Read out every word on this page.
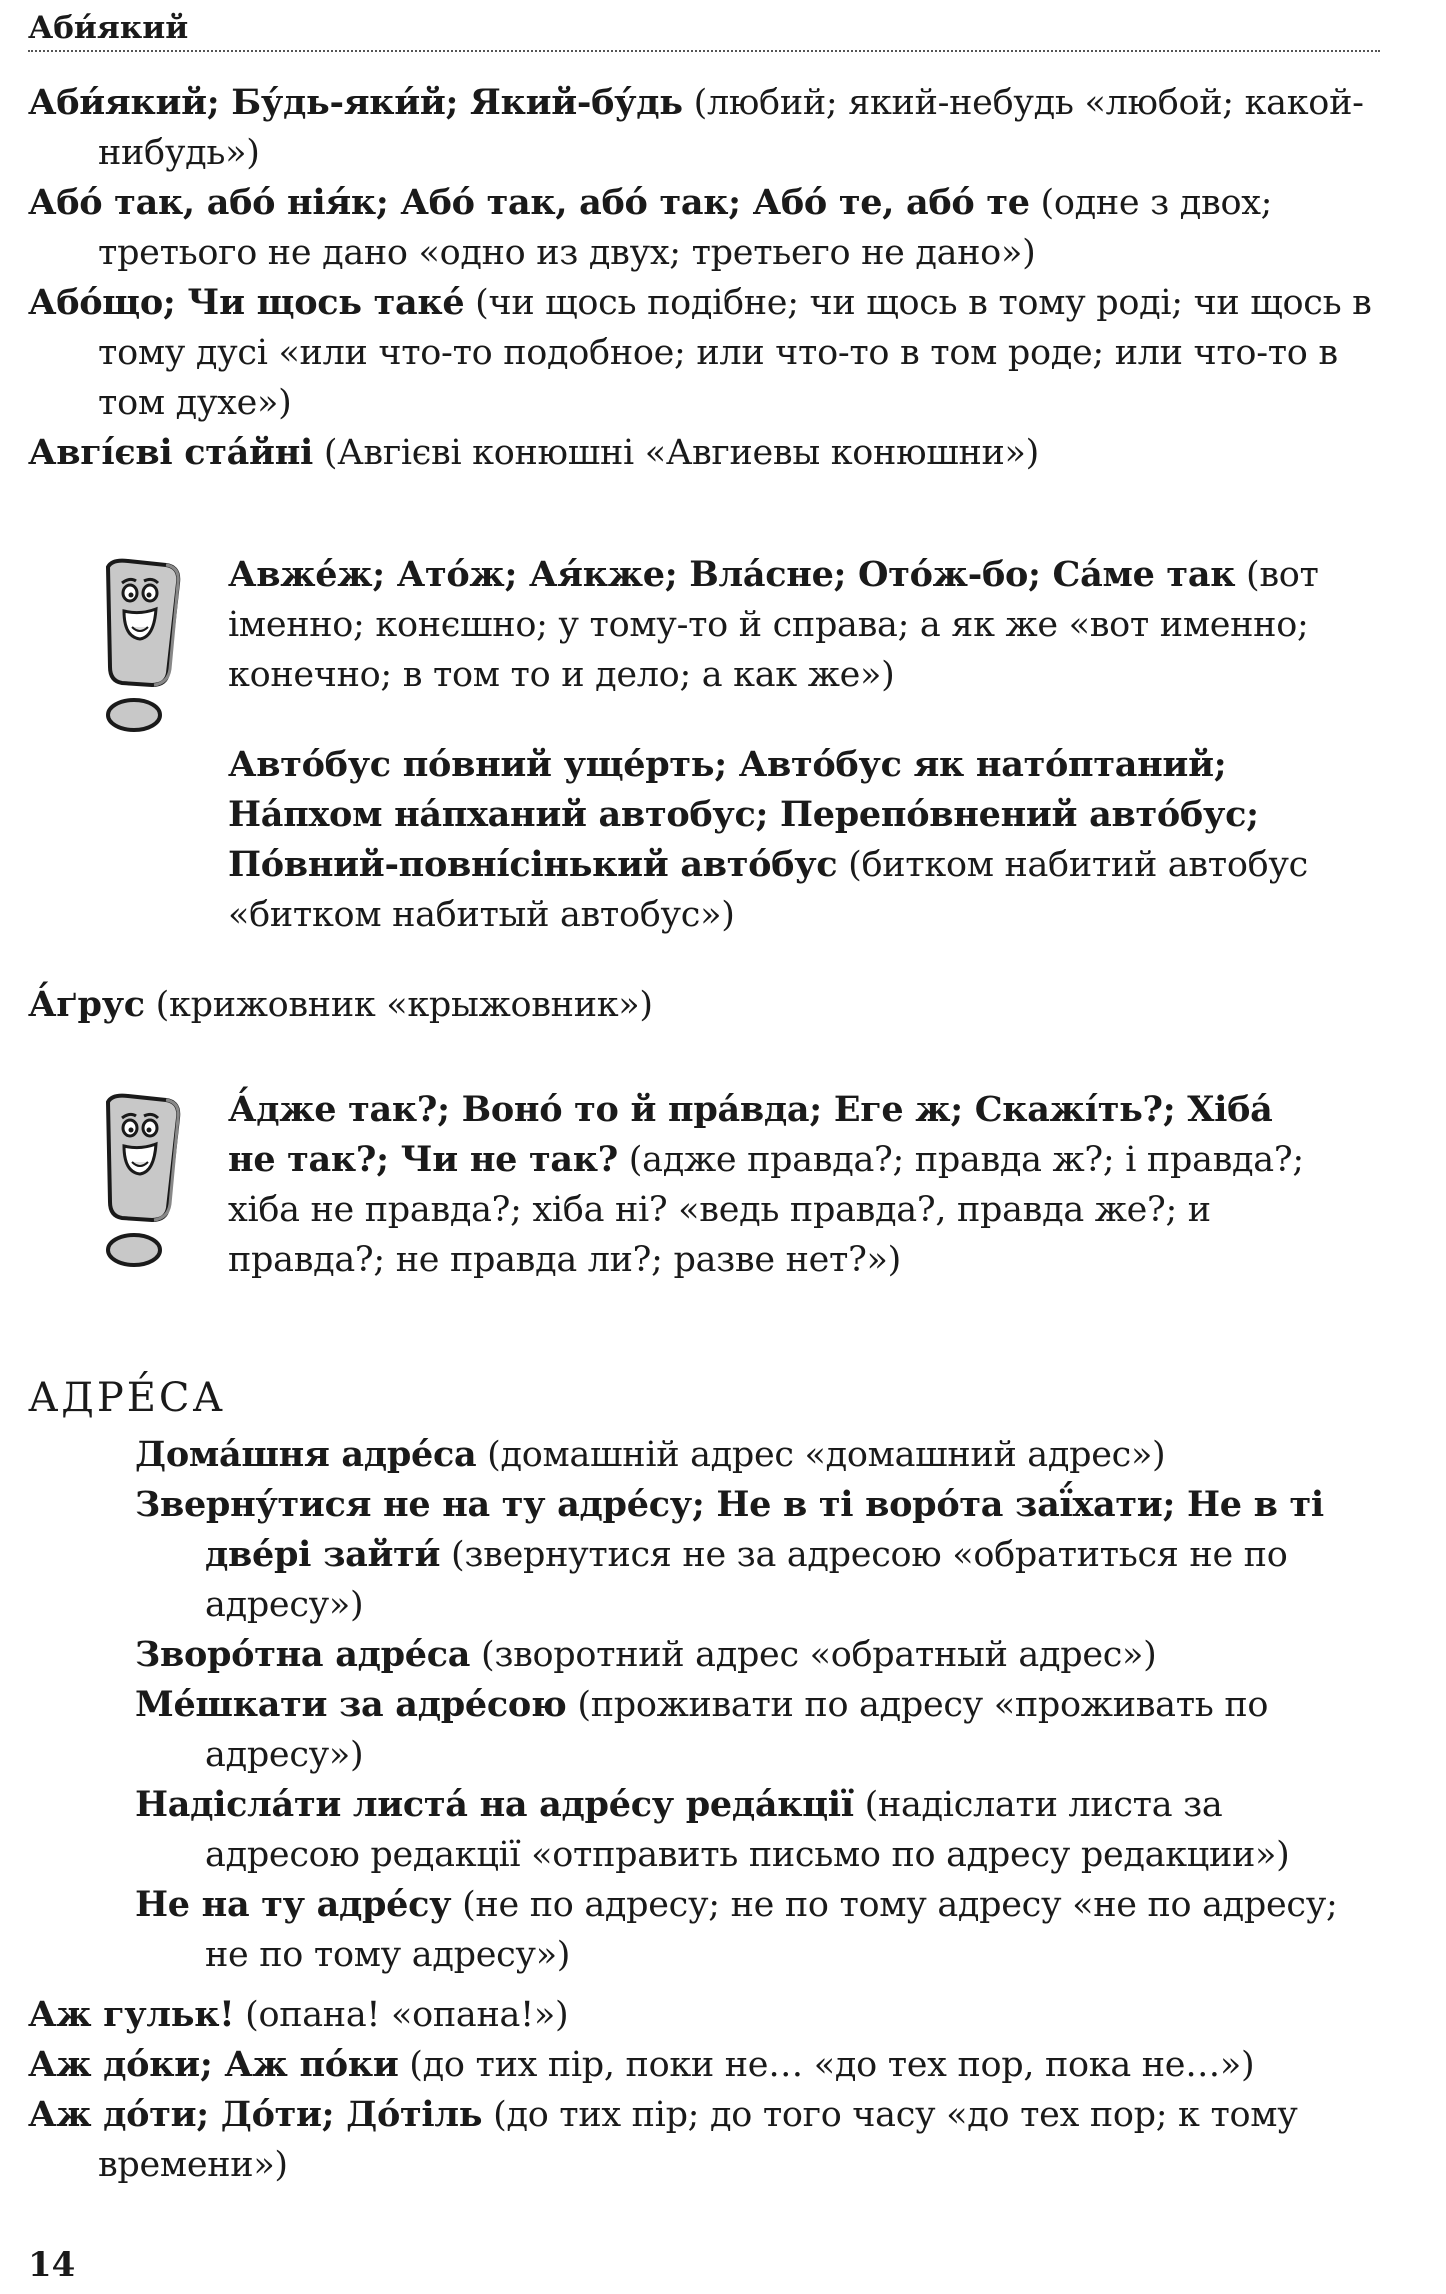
Аби́який

Аби́який; Бу́дь-яки́й; Який-бу́дь (любий; який-небудь «любой; какой-нибудь»)

Або́ так, або́ нія́к; Або́ так, або́ так; Або́ те, або́ те (одне з двох; третього не дано «одно из двух; третьего не дано»)

Або́що; Чи щось таке́ (чи щось подібне; чи щось в тому роді; чи щось в тому дусі «или что-то подобное; или что-то в том роде; или что-то в том духе»)

Авгі́єві ста́йні (Авгієві конюшні «Авгиевы конюшни»)

Авже́ж; Ато́ж; Ая́кже; Вла́сне; Ото́ж-бо; Са́ме так (вот іменно; конєшно; у тому-то й справа; а як же «вот именно; конечно; в том то и дело; а как же»)

Авто́бус по́вний уще́рть; Авто́бус як нато́птаний; На́пхом на́пханий автобус; Перепо́внений авто́бус; По́вний-повні́сінький авто́бус (битком набитий автобус «битком набитый автобус»)

А́ґрус (крижовник «крыжовник»)

А́дже так?; Воно́ то й пра́вда; Еге ж; Скажі́ть?; Хіба́ не так?; Чи не так? (адже правда?; правда ж?; і правда?; хіба не правда?; хіба ні? «ведь правда?, правда же?; и правда?; не правда ли?; разве нет?»)

АДРЕ́СА

Дома́шня адре́са (домашній адрес «домашний адрес»)

Зверну́тися не на ту адре́су; Не в ті воро́та заї́хати; Не в ті две́рі зайти́ (звернутися не за адресою «обратиться не по адресу»)

Зворо́тна адре́са (зворотний адрес «обратный адрес»)

Ме́шкати за адре́сою (проживати по адресу «проживать по адресу»)

Надісла́ти листа́ на адре́су реда́кції (надіслати листа за адресою редакції «отправить письмо по адресу редакции»)

Не на ту адре́су (не по адресу; не по тому адресу «не по адресу; не по тому адресу»)

Аж гульк! (опана! «опана!»)

Аж до́ки; Аж по́ки (до тих пір, поки не… «до тех пор, пока не…»)

Аж до́ти; До́ти; До́тіль (до тих пір; до того часу «до тех пор; к тому времени»)

14
